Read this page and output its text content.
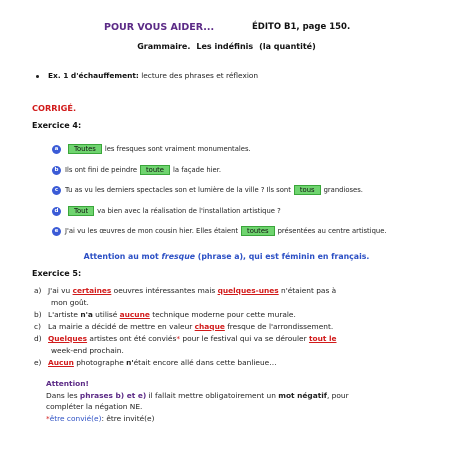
POUR VOUS AIDER...	ÉDITO B1, page 150.
Grammaire. Les indéfinis (la quantité)
Ex. 1 d'échauffement: lecture des phrases et réflexion
CORRIGÉ.
Exercice 4:
a	Toutes	les fresques sont vraiment monumentales.
b Ils ont fini de peindre	toute	la façade hier.
c	Tu as vu les derniers spectacles son et lumière de la ville ? Ils sont	tous	grandioses.
d	Tout	va bien avec la réalisation de l'installation artistique ?
e J'ai vu les œuvres de mon cousin hier. Elles étaient	toutes	présentées au centre artistique.
Attention au mot fresque (phrase a), qui est féminin en français.
Exercice 5:
a) J'ai vu certaines oeuvres intéressantes mais quelques-unes n'étaient pas à
mon goût.
b) L'artiste n'a utilisé aucune technique moderne pour cette murale.
c) La mairie a décidé de mettre en valeur chaque fresque de l'arrondissement.
d) Quelques artistes ont été conviés* pour le festival qui va se dérouler tout le
week-end prochain.
e) Aucun photographe n'était encore allé dans cette banlieue…
Attention!
Dans les phrases b) et e) il fallait mettre obligatoirement un mot négatif, pour
compléter la négation NE.
*être convié(e): être invité(e)
